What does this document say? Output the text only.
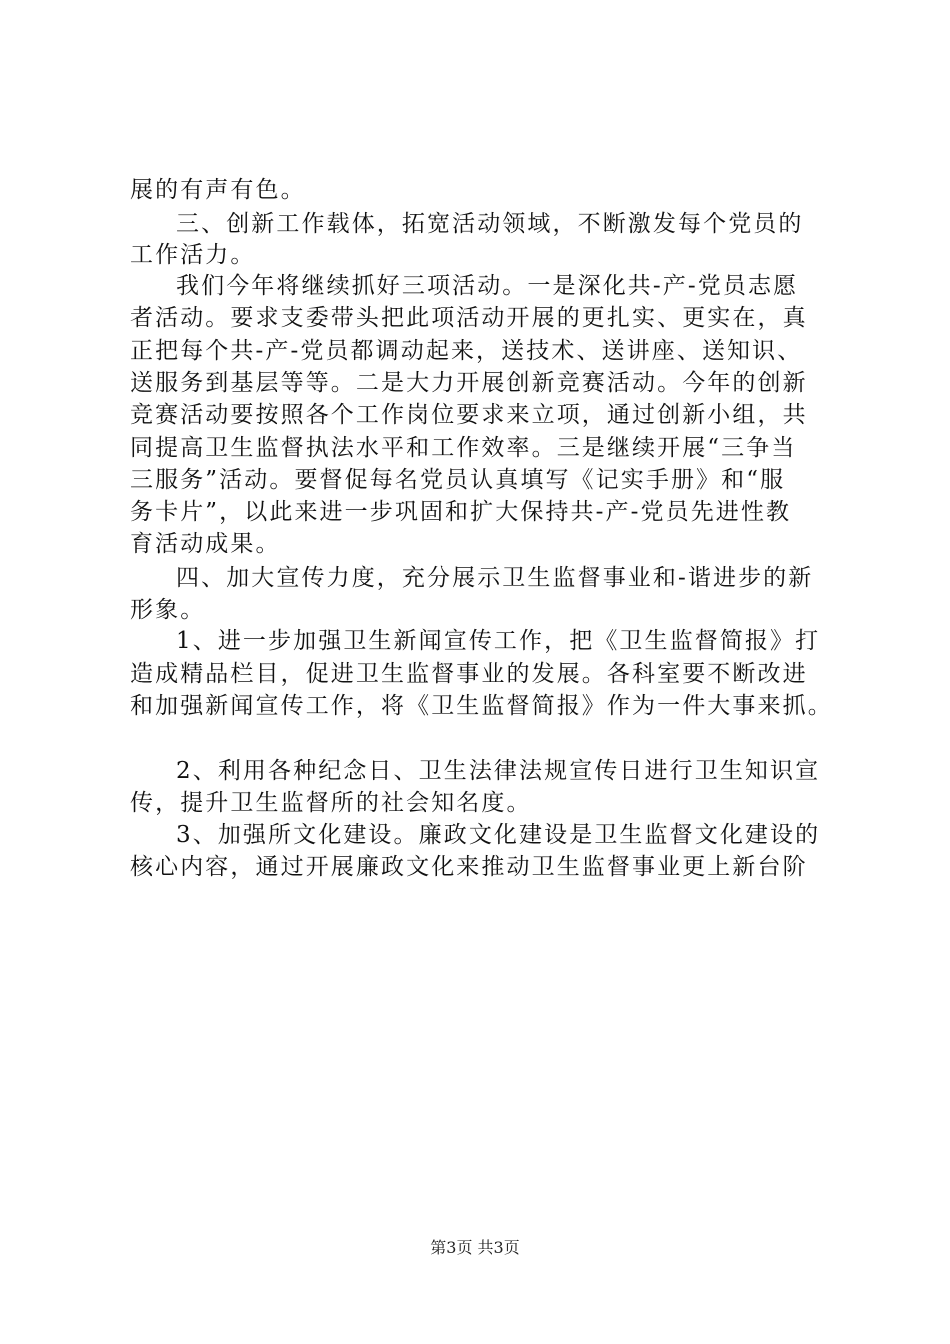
展的有声有色。
三、创新工作载体，拓宽活动领域，不断激发每个党员的
工作活力。
我们今年将继续抓好三项活动。一是深化共-产-党员志愿
者活动。要求支委带头把此项活动开展的更扎实、更实在，真
正把每个共-产-党员都调动起来，送技术、送讲座、送知识、
送服务到基层等等。二是大力开展创新竞赛活动。今年的创新
竞赛活动要按照各个工作岗位要求来立项，通过创新小组，共
同提高卫生监督执法水平和工作效率。三是继续开展“三争当
三服务”活动。要督促每名党员认真填写《记实手册》和“服
务卡片”，以此来进一步巩固和扩大保持共-产-党员先进性教
育活动成果。
四、加大宣传力度，充分展示卫生监督事业和-谐进步的新
形象。
1、进一步加强卫生新闻宣传工作，把《卫生监督简报》打
造成精品栏目，促进卫生监督事业的发展。各科室要不断改进
和加强新闻宣传工作，将《卫生监督简报》作为一件大事来抓。
2、利用各种纪念日、卫生法律法规宣传日进行卫生知识宣
传，提升卫生监督所的社会知名度。
3、加强所文化建设。廉政文化建设是卫生监督文化建设的
核心内容，通过开展廉政文化来推动卫生监督事业更上新台阶
第3页 共3页
